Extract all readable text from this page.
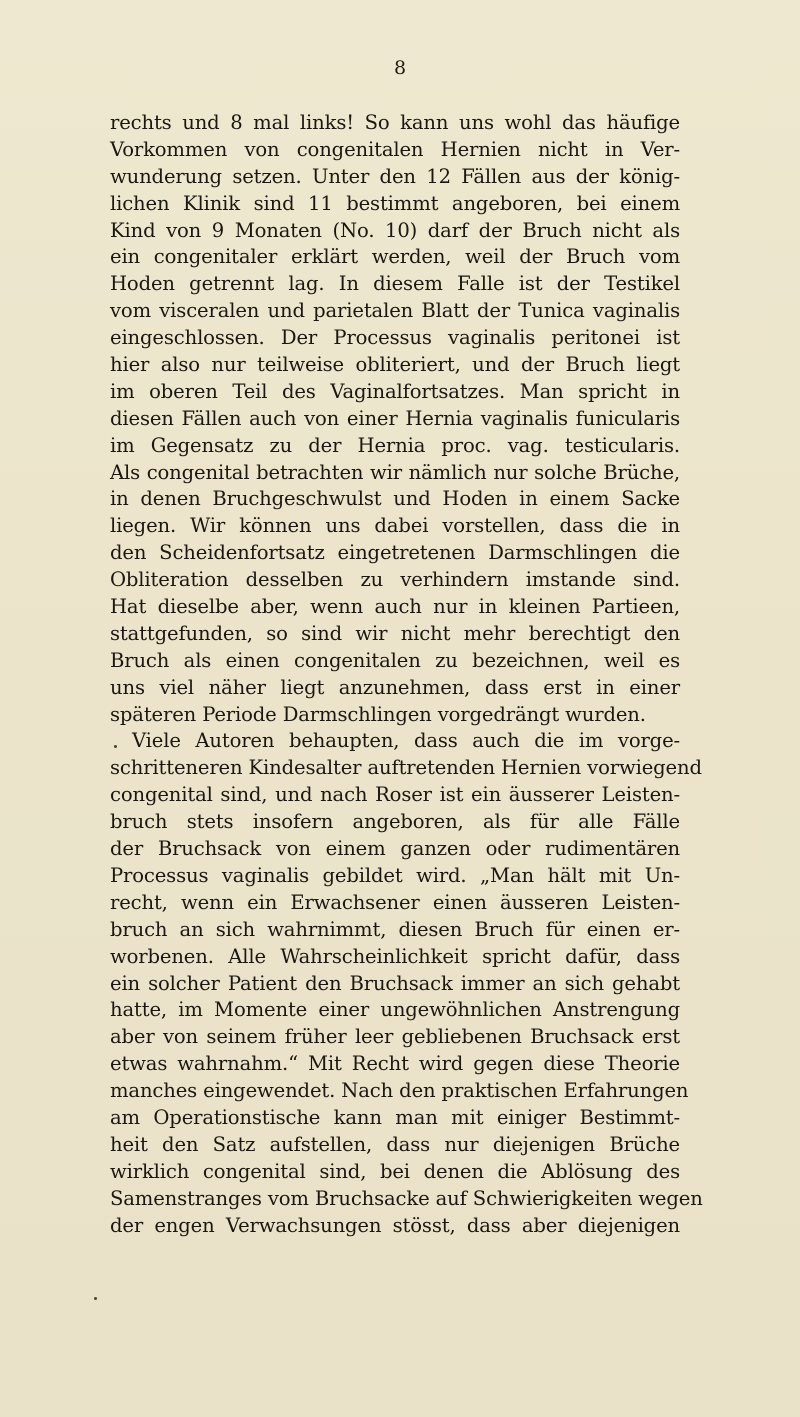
8
rechts und 8 mal links! So kann uns wohl das häufige
Vorkommen von congenitalen Hernien nicht in Ver-
wunderung setzen. Unter den 12 Fällen aus der könig-
lichen Klinik sind 11 bestimmt angeboren, bei einem
Kind von 9 Monaten (No. 10) darf der Bruch nicht als
ein congenitaler erklärt werden, weil der Bruch vom
Hoden getrennt lag. In diesem Falle ist der Testikel
vom visceralen und parietalen Blatt der Tunica vaginalis
eingeschlossen. Der Processus vaginalis peritonei ist
hier also nur teilweise obliteriert, und der Bruch liegt
im oberen Teil des Vaginalfortsatzes. Man spricht in
diesen Fällen auch von einer Hernia vaginalis funicularis
im Gegensatz zu der Hernia proc. vag. testicularis.
Als congenital betrachten wir nämlich nur solche Brüche,
in denen Bruchgeschwulst und Hoden in einem Sacke
liegen. Wir können uns dabei vorstellen, dass die in
den Scheidenfortsatz eingetretenen Darmschlingen die
Obliteration desselben zu verhindern imstande sind.
Hat dieselbe aber, wenn auch nur in kleinen Partieen,
stattgefunden, so sind wir nicht mehr berechtigt den
Bruch als einen congenitalen zu bezeichnen, weil es
uns viel näher liegt anzunehmen, dass erst in einer
späteren Periode Darmschlingen vorgedrängt wurden.
Viele Autoren behaupten, dass auch die im vorge-
schritteneren Kindesalter auftretenden Hernien vorwiegend
congenital sind, und nach Roser ist ein äusserer Leisten-
bruch stets insofern angeboren, als für alle Fälle
der Bruchsack von einem ganzen oder rudimentären
Processus vaginalis gebildet wird. „Man hält mit Un-
recht, wenn ein Erwachsener einen äusseren Leisten-
bruch an sich wahrnimmt, diesen Bruch für einen er-
worbenen. Alle Wahrscheinlichkeit spricht dafür, dass
ein solcher Patient den Bruchsack immer an sich gehabt
hatte, im Momente einer ungewöhnlichen Anstrengung
aber von seinem früher leer gebliebenen Bruchsack erst
etwas wahrnahm.“ Mit Recht wird gegen diese Theorie
manches eingewendet. Nach den praktischen Erfahrungen
am Operationstische kann man mit einiger Bestimmt-
heit den Satz aufstellen, dass nur diejenigen Brüche
wirklich congenital sind, bei denen die Ablösung des
Samenstranges vom Bruchsacke auf Schwierigkeiten wegen
der engen Verwachsungen stösst, dass aber diejenigen
